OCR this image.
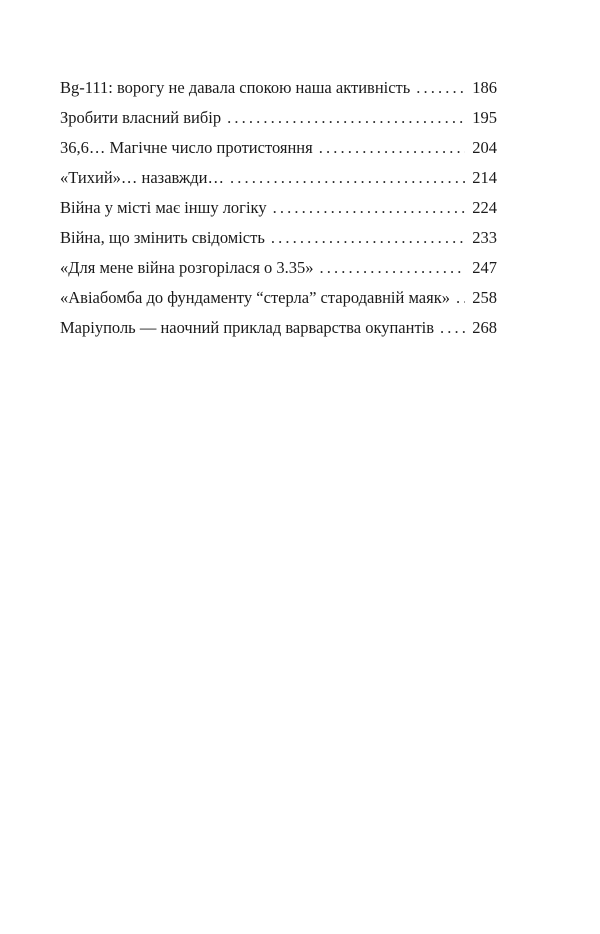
Bg-111: ворогу не давала спокою наша активність . . .	186
Зробити власний вибір . . .	195
36,6… Магічне число протистояння . . .	204
«Тихий»… назавжди… . . .	214
Війна у місті має іншу логіку . . .	224
Війна, що змінить свідомість . . .	233
«Для мене війна розгорілася о 3.35» . . .	247
«Авіабомба до фундаменту “стерла” стародавній маяк» . . . 258
Маріуполь — наочний приклад варварства окупантів . . . 268
